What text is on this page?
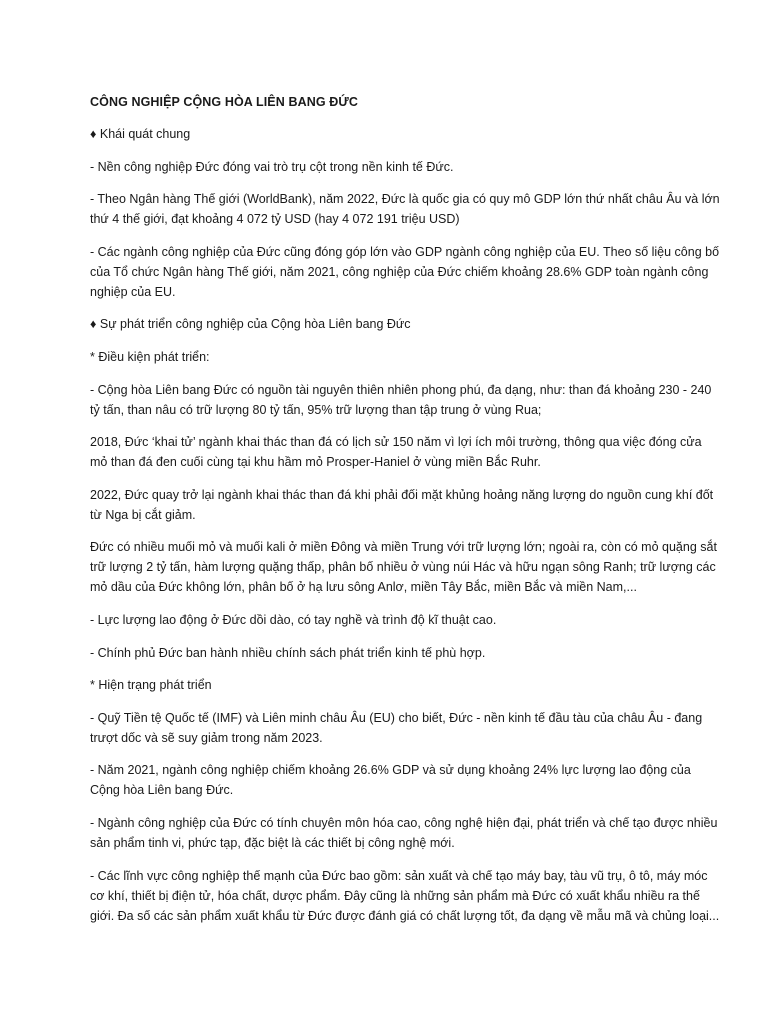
CÔNG NGHIỆP CỘNG HÒA LIÊN BANG ĐỨC

♦ Khái quát chung

- Nền công nghiệp Đức đóng vai trò trụ cột trong nền kinh tế Đức.

- Theo Ngân hàng Thế giới (WorldBank), năm 2022, Đức là quốc gia có quy mô GDP lớn thứ nhất châu Âu và lớn thứ 4 thế giới, đạt khoảng 4 072 tỷ USD (hay 4 072 191 triệu USD)

- Các ngành công nghiệp của Đức cũng đóng góp lớn vào GDP ngành công nghiệp của EU. Theo số liệu công bố của Tổ chức Ngân hàng Thế giới, năm 2021, công nghiệp của Đức chiếm khoảng 28.6% GDP toàn ngành công nghiệp của EU.

♦ Sự phát triển công nghiệp của Cộng hòa Liên bang Đức

* Điều kiện phát triển:

- Cộng hòa Liên bang Đức có nguồn tài nguyên thiên nhiên phong phú, đa dạng, như: than đá khoảng 230 - 240 tỷ tấn, than nâu có trữ lượng 80 tỷ tấn, 95% trữ lượng than tập trung ở vùng Rua;

2018, Đức ‘khai tử’ ngành khai thác than đá có lịch sử 150 năm vì lợi ích môi trường, thông qua việc đóng cửa mỏ than đá đen cuối cùng tại khu hầm mỏ Prosper-Haniel ở vùng miền Bắc Ruhr.

2022, Đức quay trở lại ngành khai thác than đá khi phải đối mặt khủng hoảng năng lượng do nguồn cung khí đốt từ Nga bị cắt giảm.

Đức có nhiều muối mỏ và muối kali ở miền Đông và miền Trung với trữ lượng lớn; ngoài ra, còn có mỏ quặng sắt trữ lượng 2 tỷ tấn, hàm lượng quặng thấp, phân bố nhiều ở vùng núi Hác và hữu ngạn sông Ranh; trữ lượng các mỏ dầu của Đức không lớn, phân bố ở hạ lưu sông Anlơ, miền Tây Bắc, miền Bắc và miền Nam,...

- Lực lượng lao động ở Đức dồi dào, có tay nghề và trình độ kĩ thuật cao.

- Chính phủ Đức ban hành nhiều chính sách phát triển kinh tế phù hợp.

* Hiện trạng phát triển

- Quỹ Tiền tệ Quốc tế (IMF) và Liên minh châu Âu (EU) cho biết, Đức - nền kinh tế đầu tàu của châu Âu - đang trượt dốc và sẽ suy giảm trong năm 2023.

- Năm 2021, ngành công nghiệp chiếm khoảng 26.6% GDP và sử dụng khoảng 24% lực lượng lao động của Cộng hòa Liên bang Đức.

- Ngành công nghiệp của Đức có tính chuyên môn hóa cao, công nghệ hiện đại, phát triển và chế tạo được nhiều sản phẩm tinh vi, phức tạp, đặc biệt là các thiết bị công nghệ mới.

- Các lĩnh vực công nghiệp thế mạnh của Đức bao gồm: sản xuất và chế tạo máy bay, tàu vũ trụ, ô tô, máy móc cơ khí, thiết bị điện tử, hóa chất, dược phẩm. Đây cũng là những sản phẩm mà Đức có xuất khẩu nhiều ra thế giới. Đa số các sản phẩm xuất khẩu từ Đức được đánh giá có chất lượng tốt, đa dạng về mẫu mã và chủng loại...
